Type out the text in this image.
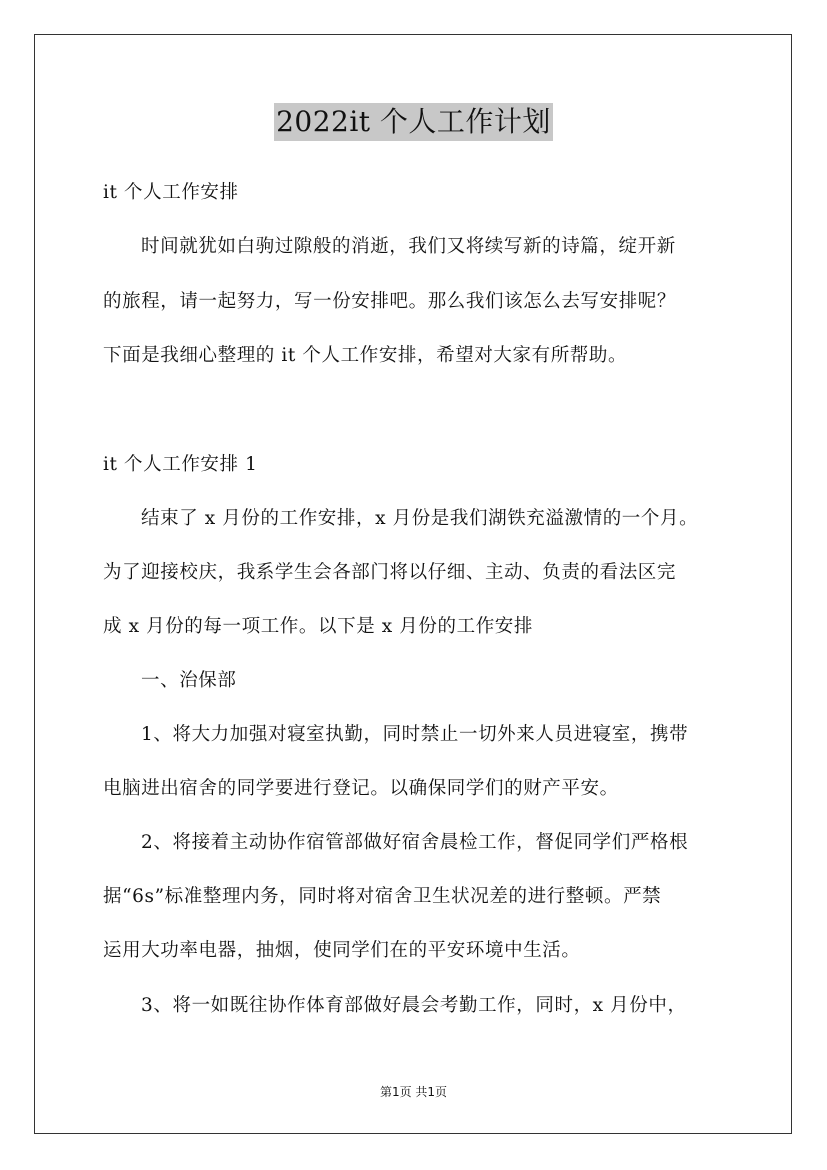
2022it 个人工作计划
it 个人工作安排
时间就犹如白驹过隙般的消逝，我们又将续写新的诗篇，绽开新
的旅程，请一起努力，写一份安排吧。那么我们该怎么去写安排呢？
下面是我细心整理的 it 个人工作安排，希望对大家有所帮助。
it 个人工作安排 1
结束了 x 月份的工作安排，x 月份是我们湖铁充溢激情的一个月。
为了迎接校庆，我系学生会各部门将以仔细、主动、负责的看法区完
成 x 月份的每一项工作。以下是 x 月份的工作安排
一、治保部
1、将大力加强对寝室执勤，同时禁止一切外来人员进寝室，携带
电脑进出宿舍的同学要进行登记。以确保同学们的财产平安。
2、将接着主动协作宿管部做好宿舍晨检工作，督促同学们严格根
据“6s”标准整理内务，同时将对宿舍卫生状况差的进行整顿。严禁
运用大功率电器，抽烟，使同学们在的平安环境中生活。
3、将一如既往协作体育部做好晨会考勤工作，同时，x 月份中，
第1页 共1页
